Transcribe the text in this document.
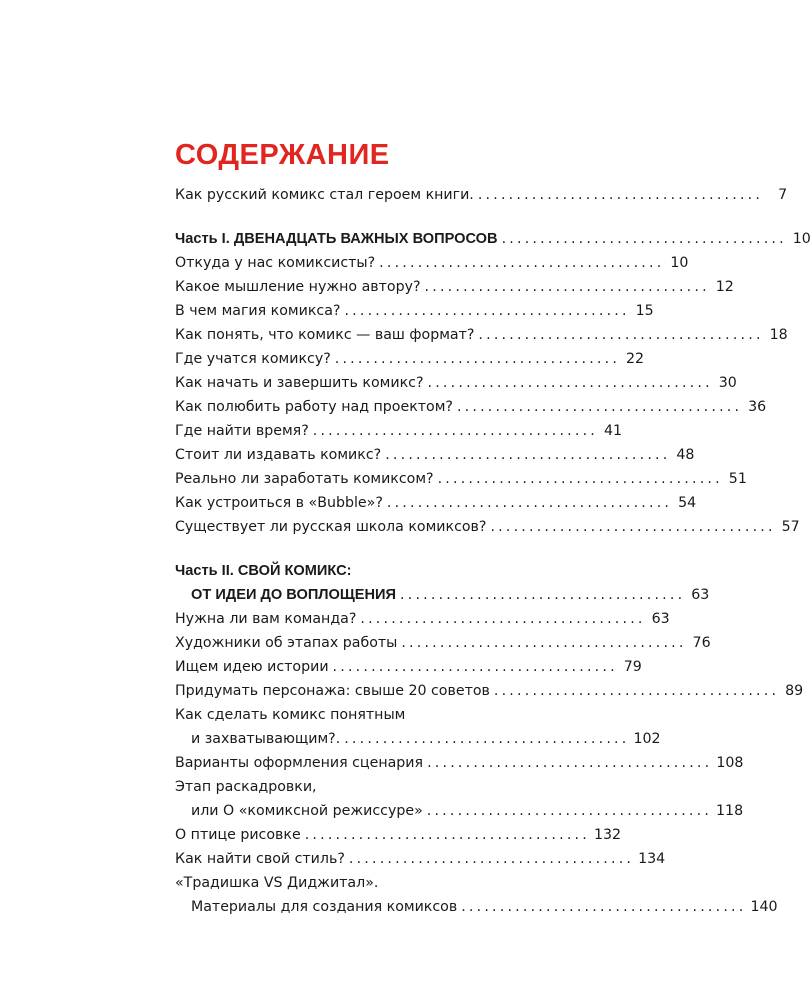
СОДЕРЖАНИЕ
Как русский комикс стал героем книги. .....................................	7
Часть I. ДВЕНАДЦАТЬ ВАЖНЫХ ВОПРОСОВ ..................................... 10
Откуда у нас комиксисты? ..................................... 10
Какое мышление нужно автору? ..................................... 12
В чем магия комикса? ..................................... 15
Как понять, что комикс — ваш формат? ..................................... 18
Где учатся комиксу? ..................................... 22
Как начать и завершить комикс? ..................................... 30
Как полюбить работу над проектом? ..................................... 36
Где найти время? ..................................... 41
Стоит ли издавать комикс? ..................................... 48
Реально ли заработать комиксом? ..................................... 51
Как устроиться в «Bubble»? ..................................... 54
Существует ли русская школа комиксов? ..................................... 57
Часть II. СВОЙ КОМИКС:
ОТ ИДЕИ ДО ВОПЛОЩЕНИЯ ..................................... 63
Нужна ли вам команда? ..................................... 63
Художники об этапах работы ..................................... 76
Ищем идею истории ..................................... 79
Придумать персонажа: свыше 20 советов ..................................... 89
Как сделать комикс понятным
и захватывающим?. ..................................... 102
Варианты оформления сценария ..................................... 108
Этап раскадровки,
или О «комиксной режиссуре» ..................................... 118
О птице рисовке ..................................... 132
Как найти свой стиль? ..................................... 134
«Традишка VS Диджитал».
Материалы для создания комиксов ..................................... 140
